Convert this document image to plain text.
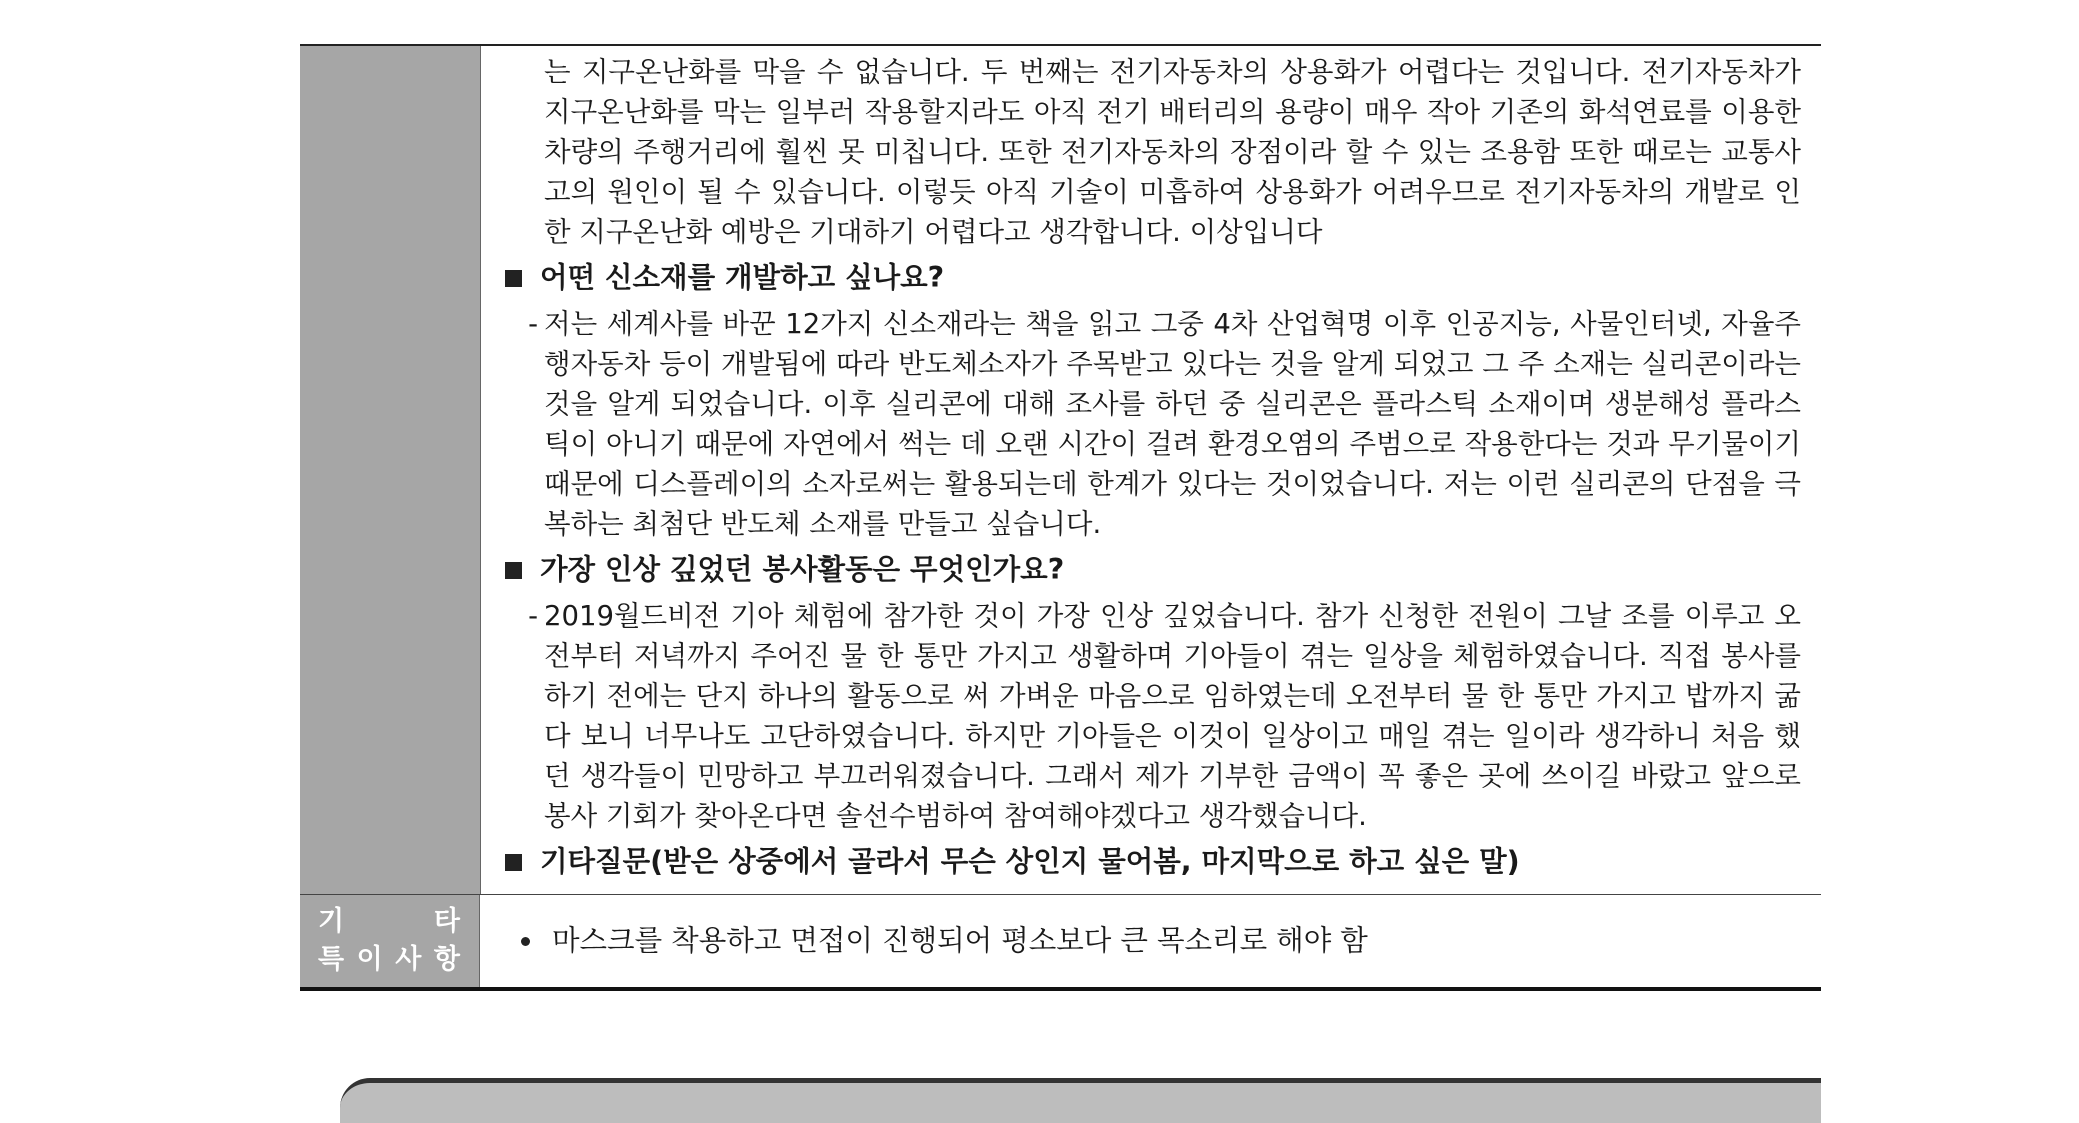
는 지구온난화를 막을 수 없습니다. 두 번째는 전기자동차의 상용화가 어렵다는 것입니다. 전기자동차가 지구온난화를 막는 일부러 작용할지라도 아직 전기 배터리의 용량이 매우 작아 기존의 화석연료를 이용한 차량의 주행거리에 훨씬 못 미칩니다. 또한 전기자동차의 장점이라 할 수 있는 조용함 또한 때로는 교통사고의 원인이 될 수 있습니다. 이렇듯 아직 기술이 미흡하여 상용화가 어려우므로 전기자동차의 개발로 인한 지구온난화 예방은 기대하기 어렵다고 생각합니다. 이상입니다

어떤 신소재를 개발하고 싶나요?
- 저는 세계사를 바꾼 12가지 신소재라는 책을 읽고 그중 4차 산업혁명 이후 인공지능, 사물인터넷, 자율주행자동차 등이 개발됨에 따라 반도체소자가 주목받고 있다는 것을 알게 되었고 그 주 소재는 실리콘이라는 것을 알게 되었습니다. 이후 실리콘에 대해 조사를 하던 중 실리콘은 플라스틱 소재이며 생분해성 플라스틱이 아니기 때문에 자연에서 썩는 데 오랜 시간이 걸려 환경오염의 주범으로 작용한다는 것과 무기물이기 때문에 디스플레이의 소자로써는 활용되는데 한계가 있다는 것이었습니다. 저는 이런 실리콘의 단점을 극복하는 최첨단 반도체 소재를 만들고 싶습니다.

가장 인상 깊었던 봉사활동은 무엇인가요?
- 2019월드비전 기아 체험에 참가한 것이 가장 인상 깊었습니다. 참가 신청한 전원이 그날 조를 이루고 오전부터 저녁까지 주어진 물 한 통만 가지고 생활하며 기아들이 겪는 일상을 체험하였습니다. 직접 봉사를 하기 전에는 단지 하나의 활동으로 써 가벼운 마음으로 임하였는데 오전부터 물 한 통만 가지고 밥까지 굶다 보니 너무나도 고단하였습니다. 하지만 기아들은 이것이 일상이고 매일 겪는 일이라 생각하니 처음 했던 생각들이 민망하고 부끄러워졌습니다. 그래서 제가 기부한 금액이 꼭 좋은 곳에 쓰이길 바랐고 앞으로 봉사 기회가 찾아온다면 솔선수범하여 참여해야겠다고 생각했습니다.

기타질문(받은 상중에서 골라서 무슨 상인지 물어봄, 마지막으로 하고 싶은 말)
기	타
특 이 사 항
마스크를 착용하고 면접이 진행되어 평소보다 큰 목소리로 해야 함
